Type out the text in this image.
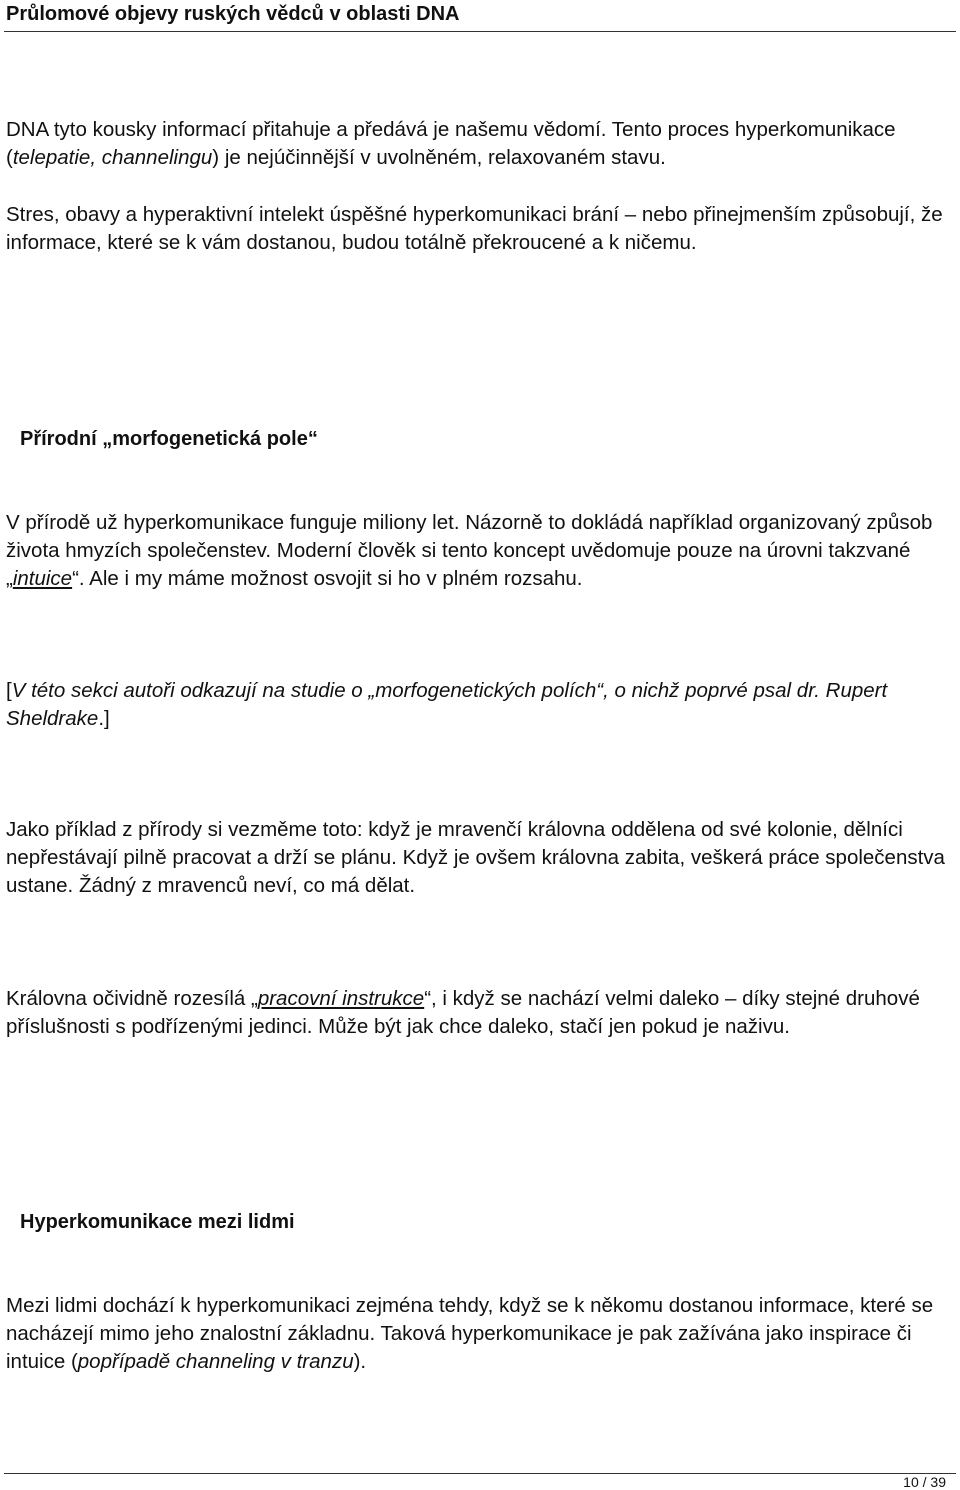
Průlomové objevy ruských vědců v oblasti DNA

DNA tyto kousky informací přitahuje a předává je našemu vědomí. Tento proces hyperkomunikace (telepatie, channelingu) je nejúčinnější v uvolněném, relaxovaném stavu.

Stres, obavy a hyperaktivní intelekt úspěšné hyperkomunikaci brání – nebo přinejmenším způsobují, že informace, které se k vám dostanou, budou totálně překroucené a k ničemu.

Přírodní „morfogenetická pole“

V přírodě už hyperkomunikace funguje miliony let. Názorně to dokládá například organizovaný způsob života hmyzích společenstev. Moderní člověk si tento koncept uvědomuje pouze na úrovni takzvané „intuice“. Ale i my máme možnost osvojit si ho v plném rozsahu.

[V této sekci autoři odkazují na studie o „morfogenetických polích“, o nichž poprvé psal dr. Rupert Sheldrake.]

Jako příklad z přírody si vezměme toto: když je mravenčí královna oddělena od své kolonie, dělníci nepřestávají pilně pracovat a drží se plánu. Když je ovšem královna zabita, veškerá práce společenstva ustane. Žádný z mravenců neví, co má dělat.

Královna očividně rozesílá „pracovní instrukce“, i když se nachází velmi daleko – díky stejné druhové příslušnosti s podřízenými jedinci. Může být jak chce daleko, stačí jen pokud je naživu.

Hyperkomunikace mezi lidmi

Mezi lidmi dochází k hyperkomunikaci zejména tehdy, když se k někomu dostanou informace, které se nacházejí mimo jeho znalostní základnu. Taková hyperkomunikace je pak zažívána jako inspirace či intuice (popřípadě channeling v tranzu).

10 / 39
